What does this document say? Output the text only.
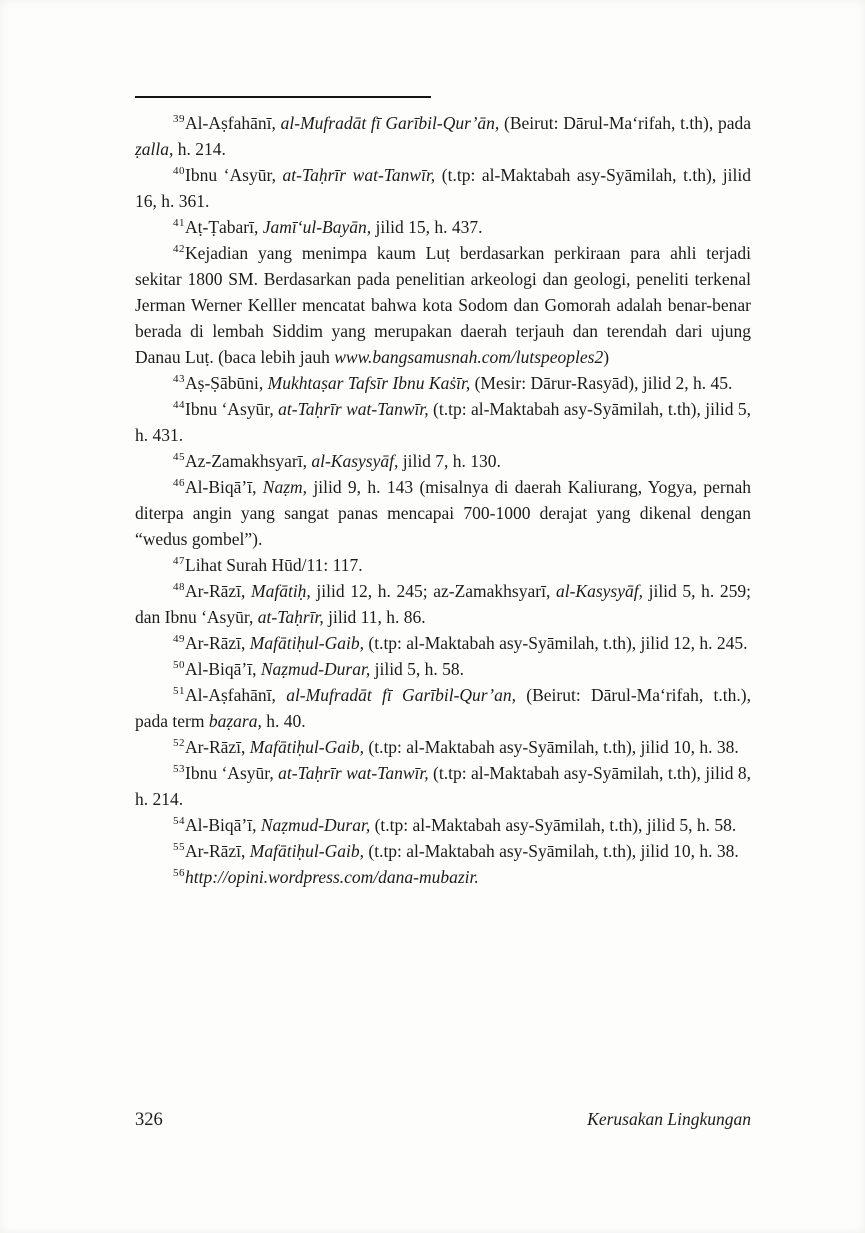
$^{39}$Al-Aṣfahānī, al-Mufradāt fī Garībil-Qur’ān, (Beirut: Dārul-Ma‘rifah, t.th), pada ẓalla, h. 214.

$^{40}$Ibnu ‘Asyūr, at-Taḥrīr wat-Tanwīr, (t.tp: al-Maktabah asy-Syāmilah, t.th), jilid 16, h. 361.

$^{41}$Aṭ-Ṭabarī, Jamī‘ul-Bayān, jilid 15, h. 437.

$^{42}$Kejadian yang menimpa kaum Luṭ berdasarkan perkiraan para ahli terjadi sekitar 1800 SM. Berdasarkan pada penelitian arkeologi dan geologi, peneliti terkenal Jerman Werner Kelller mencatat bahwa kota Sodom dan Gomorah adalah benar-benar berada di lembah Siddim yang merupakan daerah terjauh dan terendah dari ujung Danau Luṭ. (baca lebih jauh www.bangsamusnah.com/lutspeoples2)

$^{43}$Aṣ-Ṣābūni, Mukhtaṣar Tafsīr Ibnu Kaṡīr, (Mesir: Dārur-Rasyād), jilid 2, h. 45.

$^{44}$Ibnu ‘Asyūr, at-Taḥrīr wat-Tanwīr, (t.tp: al-Maktabah asy-Syāmilah, t.th), jilid 5, h. 431.

$^{45}$Az-Zamakhsyarī, al-Kasysyāf, jilid 7, h. 130.

$^{46}$Al-Biqā’ī, Naẓm, jilid 9, h. 143 (misalnya di daerah Kaliurang, Yogya, pernah diterpa angin yang sangat panas mencapai 700-1000 derajat yang dikenal dengan “wedus gombel”).

$^{47}$Lihat Surah Hūd/11: 117.

$^{48}$Ar-Rāzī, Mafātiḥ, jilid 12, h. 245; az-Zamakhsyarī, al-Kasysyāf, jilid 5, h. 259; dan Ibnu ‘Asyūr, at-Taḥrīr, jilid 11, h. 86.

$^{49}$Ar-Rāzī, Mafātiḥul-Gaib, (t.tp: al-Maktabah asy-Syāmilah, t.th), jilid 12, h. 245.

$^{50}$Al-Biqā’ī, Naẓmud-Durar, jilid 5, h. 58.

$^{51}$Al-Aṣfahānī, al-Mufradāt fī Garībil-Qur’an, (Beirut: Dārul-Ma‘rifah, t.th.), pada term baẓara, h. 40.

$^{52}$Ar-Rāzī, Mafātiḥul-Gaib, (t.tp: al-Maktabah asy-Syāmilah, t.th), jilid 10, h. 38.

$^{53}$Ibnu ‘Asyūr, at-Taḥrīr wat-Tanwīr, (t.tp: al-Maktabah asy-Syāmilah, t.th), jilid 8, h. 214.

$^{54}$Al-Biqā’ī, Naẓmud-Durar, (t.tp: al-Maktabah asy-Syāmilah, t.th), jilid 5, h. 58.

$^{55}$Ar-Rāzī, Mafātiḥul-Gaib, (t.tp: al-Maktabah asy-Syāmilah, t.th), jilid 10, h. 38.

$^{56}$http://opini.wordpress.com/dana-mubazir.

326	Kerusakan Lingkungan
